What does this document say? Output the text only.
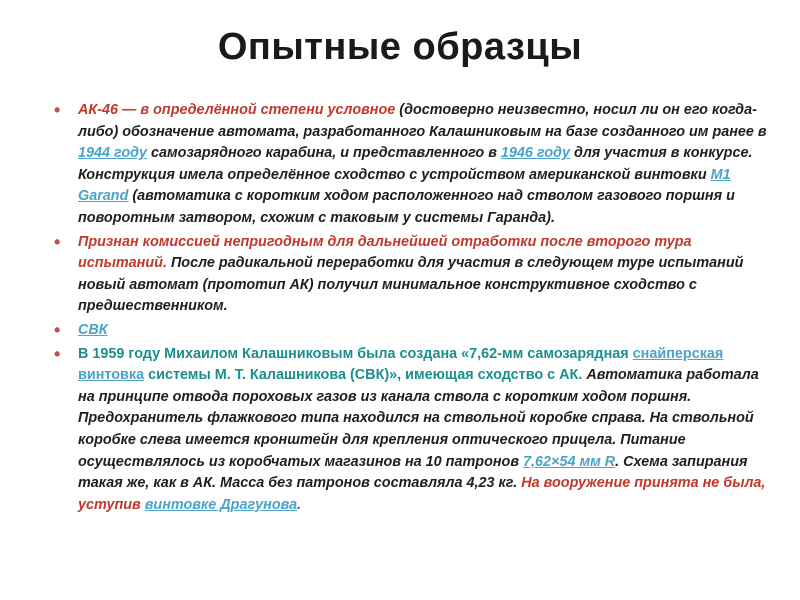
Опытные образцы
• АК-46 — в определённой степени условное (достоверно неизвестно, носил ли он его когда-либо) обозначение автомата, разработанного Калашниковым на базе созданного им ранее в 1944 году самозарядного карабина, и представленного в 1946 году для участия в конкурсе. Конструкция имела определённое сходство с устройством американской винтовки M1 Garand (автоматика с коротким ходом расположенного над стволом газового поршня и поворотным затвором, схожим с таковым у системы Гаранда).
• Признан комиссией непригодным для дальнейшей отработки после второго тура испытаний. После радикальной переработки для участия в следующем туре испытаний новый автомат (прототип АК) получил минимальное конструктивное сходство с предшественником.
• СВК
• В 1959 году Михаилом Калашниковым была создана «7,62-мм самозарядная снайперская винтовка системы М. Т. Калашникова (СВК)», имеющая сходство с АК. Автоматика работала на принципе отвода пороховых газов из канала ствола с коротким ходом поршня. Предохранитель флажкового типа находился на ствольной коробке справа. На ствольной коробке слева имеется кронштейн для крепления оптического прицела. Питание осуществлялось из коробчатых магазинов на 10 патронов 7,62×54 мм R. Схема запирания такая же, как в АК. Масса без патронов составляла 4,23 кг. На вооружение принята не была, уступив винтовке Драгунова.
